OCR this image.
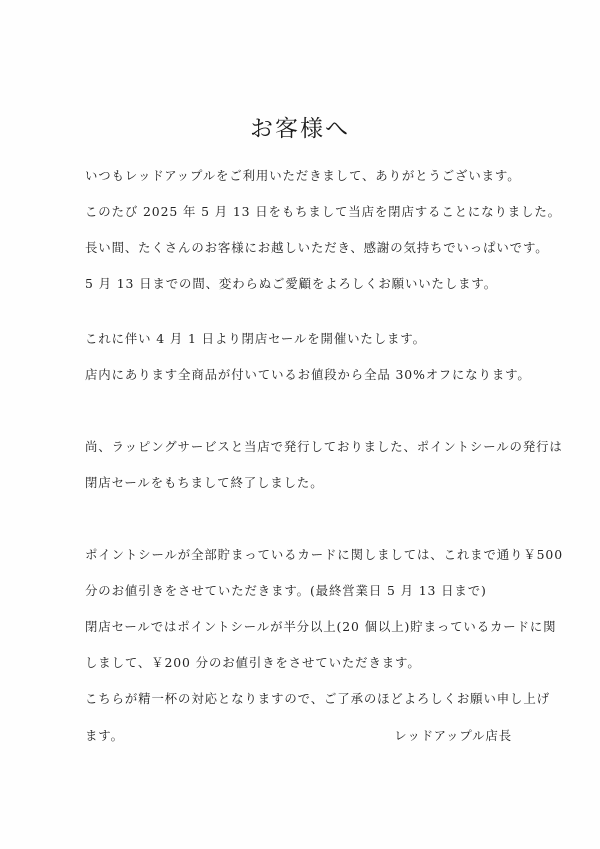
お客様へ
いつもレッドアップルをご利用いただきまして、ありがとうございます。
このたび 2025 年 5 月 13 日をもちまして当店を閉店することになりました。
長い間、たくさんのお客様にお越しいただき、感謝の気持ちでいっぱいです。
5 月 13 日までの間、変わらぬご愛顧をよろしくお願いいたします。
これに伴い 4 月 1 日より閉店セールを開催いたします。
店内にあります全商品が付いているお値段から全品 30%オフになります。
尚、ラッピングサービスと当店で発行しておりました、ポイントシールの発行は
閉店セールをもちまして終了しました。
ポイントシールが全部貯まっているカードに関しましては、これまで通り￥500
分のお値引きをさせていただきます。(最終営業日 5 月 13 日まで)
閉店セールではポイントシールが半分以上(20 個以上)貯まっているカードに関
しまして、￥200 分のお値引きをさせていただきます。
こちらが精一杯の対応となりますので、ご了承のほどよろしくお願い申し上げ
ます。	レッドアップル店長
